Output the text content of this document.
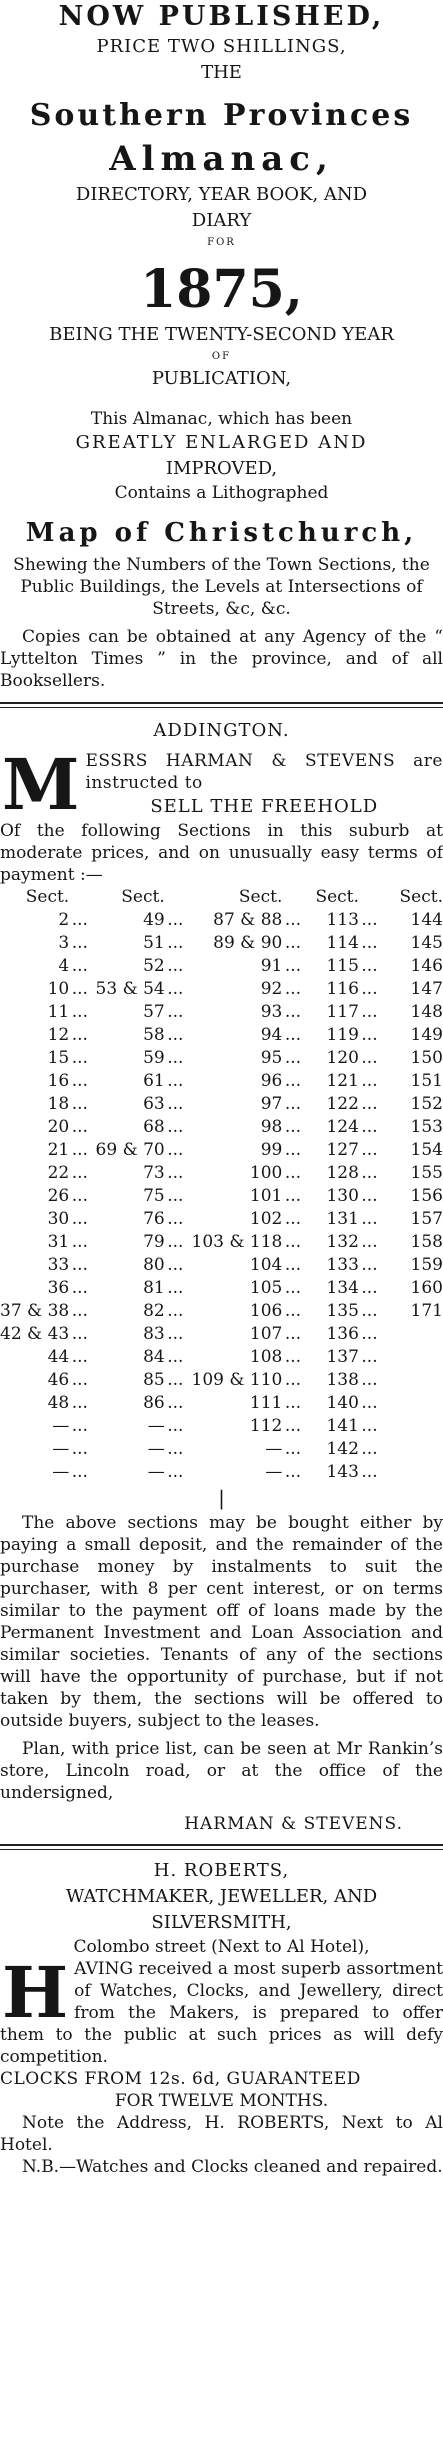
NOW PUBLISHED,
PRICE TWO SHILLINGS,
THE
Southern Provinces
Almanac,
DIRECTORY, YEAR BOOK, AND
DIARY
FOR
1875,
BEING THE TWENTY-SECOND YEAR
OF
PUBLICATION,
This Almanac, which has been
GREATLY ENLARGED AND
IMPROVED,
Contains a Lithographed
Map of Christchurch,
Shewing the Numbers of the Town Sections, the Public Buildings, the Levels at Intersections of Streets, &c, &c.
Copies can be obtained at any Agency of the “ Lyttelton Times ” in the province, and of all Booksellers.
ADDINGTON.
M ESSRS HARMAN & STEVENS are instructed to
SELL THE FREEHOLD
Of the following Sections in this suburb at moderate prices, and on unusually easy terms of payment :—
Sect.		Sect.		Sect.		Sect.		Sect.
2	...	49	...	87 & 88	...	113	...	144
3	...	51	...	89 & 90	...	114	...	145
4	...	52	...	91	...	115	...	146
10	...	53 & 54	...	92	...	116	...	147
11	...	57	...	93	...	117	...	148
12	...	58	...	94	...	119	...	149
15	...	59	...	95	...	120	...	150
16	...	61	...	96	...	121	...	151
18	...	63	...	97	...	122	...	152
20	...	68	...	98	...	124	...	153
21	...	69 & 70	...	99	...	127	...	154
22	...	73	...	100	...	128	...	155
26	...	75	...	101	...	130	...	156
30	...	76	...	102	...	131	...	157
31	...	79	...	103 & 118	...	132	...	158
33	...	80	...	104	...	133	...	159
36	...	81	...	105	...	134	...	160
37 & 38	...	82	...	106	...	135	...	171
42 & 43	...	83	...	107	...	136	...	
44	...	84	...	108	...	137	...	
46	...	85	...	109 & 110	...	138	...	
48	...	86	...	111	...	140	...	
—	...	—	...	112	...	141	...	
—	...	—	...	—	...	142	...	
—	...	—	...	—	...	143	...	
|
The above sections may be bought either by paying a small deposit, and the remainder of the purchase money by instalments to suit the purchaser, with 8 per cent interest, or on terms similar to the payment off of loans made by the Permanent Investment and Loan Association and similar societies. Tenants of any of the sections will have the opportunity of purchase, but if not taken by them, the sections will be offered to outside buyers, subject to the leases.
Plan, with price list, can be seen at Mr Rankin’s store, Lincoln road, or at the office of the undersigned,
HARMAN & STEVENS.
H. ROBERTS,
WATCHMAKER, JEWELLER, AND
SILVERSMITH,
Colombo street (Next to Al Hotel),
H AVING received a most superb assortment of Watches, Clocks, and Jewellery, direct from the Makers, is prepared to offer them to the public at such prices as will defy competition.
CLOCKS FROM 12s. 6d, GUARANTEED
FOR TWELVE MONTHS.
Note the Address, H. ROBERTS, Next to Al Hotel.
N.B.—Watches and Clocks cleaned and repaired.
